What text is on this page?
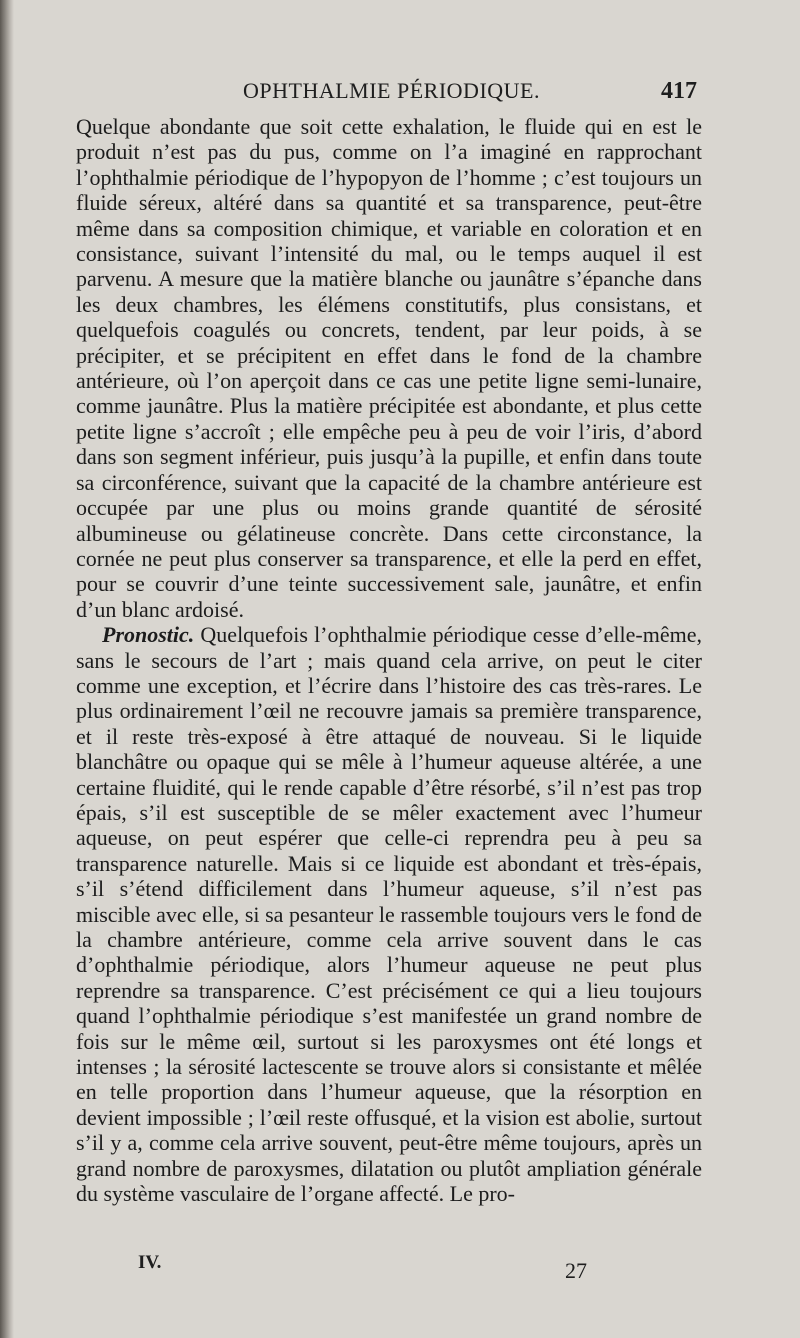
OPHTHALMIE PÉRIODIQUE.	417

Quelque abondante que soit cette exhalation, le fluide qui en est le produit n’est pas du pus, comme on l’a imaginé en rapprochant l’ophthalmie périodique de l’hypopyon de l’homme ; c’est toujours un fluide séreux, altéré dans sa quantité et sa transparence, peut-être même dans sa composition chimique, et variable en coloration et en consistance, suivant l’intensité du mal, ou le temps auquel il est parvenu. A mesure que la matière blanche ou jaunâtre s’épanche dans les deux chambres, les élémens constitutifs, plus consistans, et quelquefois coagulés ou concrets, tendent, par leur poids, à se précipiter, et se précipitent en effet dans le fond de la chambre antérieure, où l’on aperçoit dans ce cas une petite ligne semi-lunaire, comme jaunâtre. Plus la matière précipitée est abondante, et plus cette petite ligne s’accroît ; elle empêche peu à peu de voir l’iris, d’abord dans son segment inférieur, puis jusqu’à la pupille, et enfin dans toute sa circonférence, suivant que la capacité de la chambre antérieure est occupée par une plus ou moins grande quantité de sérosité albumineuse ou gélatineuse concrète. Dans cette circonstance, la cornée ne peut plus conserver sa transparence, et elle la perd en effet, pour se couvrir d’une teinte successivement sale, jaunâtre, et enfin d’un blanc ardoisé.

Pronostic. Quelquefois l’ophthalmie périodique cesse d’elle-même, sans le secours de l’art ; mais quand cela arrive, on peut le citer comme une exception, et l’écrire dans l’histoire des cas très-rares. Le plus ordinairement l’œil ne recouvre jamais sa première transparence, et il reste très-exposé à être attaqué de nouveau. Si le liquide blanchâtre ou opaque qui se mêle à l’humeur aqueuse altérée, a une certaine fluidité, qui le rende capable d’être résorbé, s’il n’est pas trop épais, s’il est susceptible de se mêler exactement avec l’humeur aqueuse, on peut espérer que celle-ci reprendra peu à peu sa transparence naturelle. Mais si ce liquide est abondant et très-épais, s’il s’étend difficilement dans l’humeur aqueuse, s’il n’est pas miscible avec elle, si sa pesanteur le rassemble toujours vers le fond de la chambre antérieure, comme cela arrive souvent dans le cas d’ophthalmie périodique, alors l’humeur aqueuse ne peut plus reprendre sa transparence. C’est précisément ce qui a lieu toujours quand l’ophthalmie périodique s’est manifestée un grand nombre de fois sur le même œil, surtout si les paroxysmes ont été longs et intenses ; la sérosité lactescente se trouve alors si consistante et mêlée en telle proportion dans l’humeur aqueuse, que la résorption en devient impossible ; l’œil reste offusqué, et la vision est abolie, surtout s’il y a, comme cela arrive souvent, peut-être même toujours, après un grand nombre de paroxysmes, dilatation ou plutôt ampliation générale du système vasculaire de l’organe affecté. Le pro-

IV.	27
